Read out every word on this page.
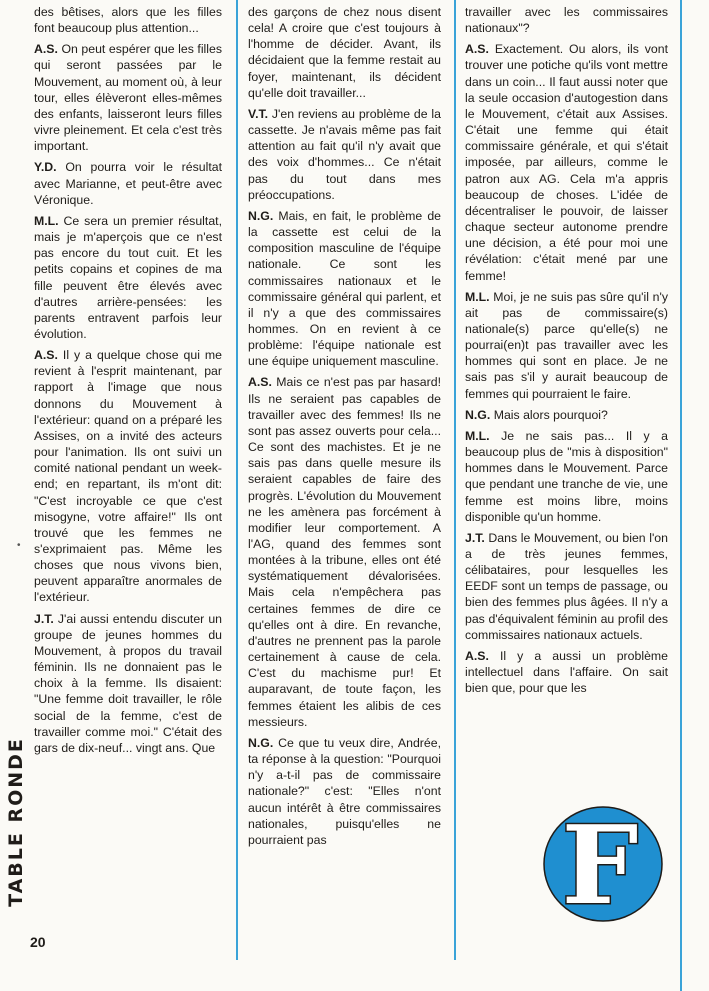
TABLE RONDE
•

des bêtises, alors que les filles font beaucoup plus attention...

A.S. On peut espérer que les filles qui seront passées par le Mouvement, au moment où, à leur tour, elles élèveront elles-mêmes des enfants, laisseront leurs filles vivre pleinement. Et cela c'est très important.

Y.D. On pourra voir le résultat avec Marianne, et peut-être avec Véronique.

M.L. Ce sera un premier résultat, mais je m'aperçois que ce n'est pas encore du tout cuit. Et les petits copains et copines de ma fille peuvent être élevés avec d'autres arrière-pensées: les parents entravent parfois leur évolution.

A.S. Il y a quelque chose qui me revient à l'esprit maintenant, par rapport à l'image que nous donnons du Mouvement à l'extérieur: quand on a préparé les Assises, on a invité des acteurs pour l'animation. Ils ont suivi un comité national pendant un week-end; en repartant, ils m'ont dit: "C'est incroyable ce que c'est misogyne, votre affaire!" Ils ont trouvé que les femmes ne s'exprimaient pas. Même les choses que nous vivons bien, peuvent apparaître anormales de l'extérieur.

J.T. J'ai aussi entendu discuter un groupe de jeunes hommes du Mouvement, à propos du travail féminin. Ils ne donnaient pas le choix à la femme. Ils disaient: "Une femme doit travailler, le rôle social de la femme, c'est de travailler comme moi." C'était des gars de dix-neuf... vingt ans. Que

des garçons de chez nous disent cela! A croire que c'est toujours à l'homme de décider. Avant, ils décidaient que la femme restait au foyer, maintenant, ils décident qu'elle doit travailler...

V.T. J'en reviens au problème de la cassette. Je n'avais même pas fait attention au fait qu'il n'y avait que des voix d'hommes... Ce n'était pas du tout dans mes préoccupations.

N.G. Mais, en fait, le problème de la cassette est celui de la composition masculine de l'équipe nationale. Ce sont les commissaires nationaux et le commissaire général qui parlent, et il n'y a que des commissaires hommes. On en revient à ce problème: l'équipe nationale est une équipe uniquement masculine.

A.S. Mais ce n'est pas par hasard! Ils ne seraient pas capables de travailler avec des femmes! Ils ne sont pas assez ouverts pour cela... Ce sont des machistes. Et je ne sais pas dans quelle mesure ils seraient capables de faire des progrès. L'évolution du Mouvement ne les amènera pas forcément à modifier leur comportement. A l'AG, quand des femmes sont montées à la tribune, elles ont été systématiquement dévalorisées. Mais cela n'empêchera pas certaines femmes de dire ce qu'elles ont à dire. En revanche, d'autres ne prennent pas la parole certainement à cause de cela. C'est du machisme pur! Et auparavant, de toute façon, les femmes étaient les alibis de ces messieurs.

N.G. Ce que tu veux dire, Andrée, ta réponse à la question: "Pourquoi n'y a-t-il pas de commissaire nationale?" c'est: "Elles n'ont aucun intérêt à être commissaires nationales, puisqu'elles ne pourraient pas

travailler avec les commissaires nationaux"?

A.S. Exactement. Ou alors, ils vont trouver une potiche qu'ils vont mettre dans un coin... Il faut aussi noter que la seule occasion d'autogestion dans le Mouvement, c'était aux Assises. C'était une femme qui était commissaire générale, et qui s'était imposée, par ailleurs, comme le patron aux AG. Cela m'a appris beaucoup de choses. L'idée de décentraliser le pouvoir, de laisser chaque secteur autonome prendre une décision, a été pour moi une révélation: c'était mené par une femme!

M.L. Moi, je ne suis pas sûre qu'il n'y ait pas de commissaire(s) nationale(s) parce qu'elle(s) ne pourrai(en)t pas travailler avec les hommes qui sont en place. Je ne sais pas s'il y aurait beaucoup de femmes qui pourraient le faire.

N.G. Mais alors pourquoi?

M.L. Je ne sais pas... Il y a beaucoup plus de "mis à disposition" hommes dans le Mouvement. Parce que pendant une tranche de vie, une femme est moins libre, moins disponible qu'un homme.

J.T. Dans le Mouvement, ou bien l'on a de très jeunes femmes, célibataires, pour lesquelles les EEDF sont un temps de passage, ou bien des femmes plus âgées. Il n'y a pas d'équivalent féminin au profil des commissaires nationaux actuels.

A.S. Il y a aussi un problème intellectuel dans l'affaire. On sait bien que, pour que les

20
F
